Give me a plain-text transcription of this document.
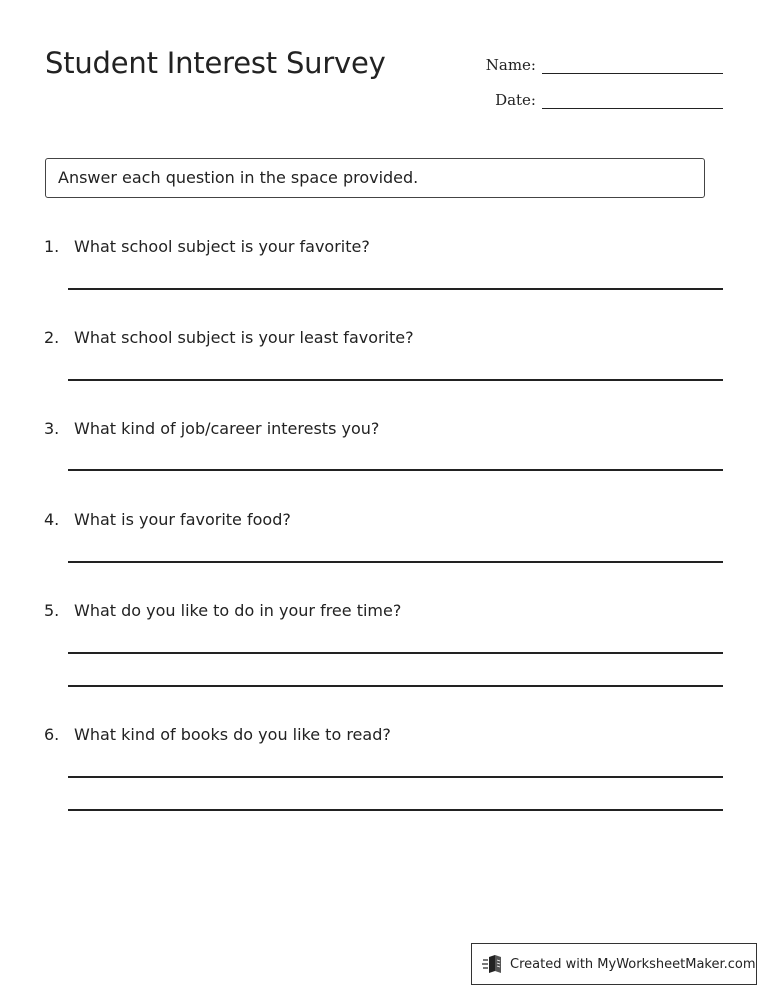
Student Interest Survey	Name:
Date:
Answer each question in the space provided.
1. What school subject is your favorite?
2. What school subject is your least favorite?
3. What kind of job/career interests you?
4. What is your favorite food?
5. What do you like to do in your free time?
6. What kind of books do you like to read?
Created with MyWorksheetMaker.com
